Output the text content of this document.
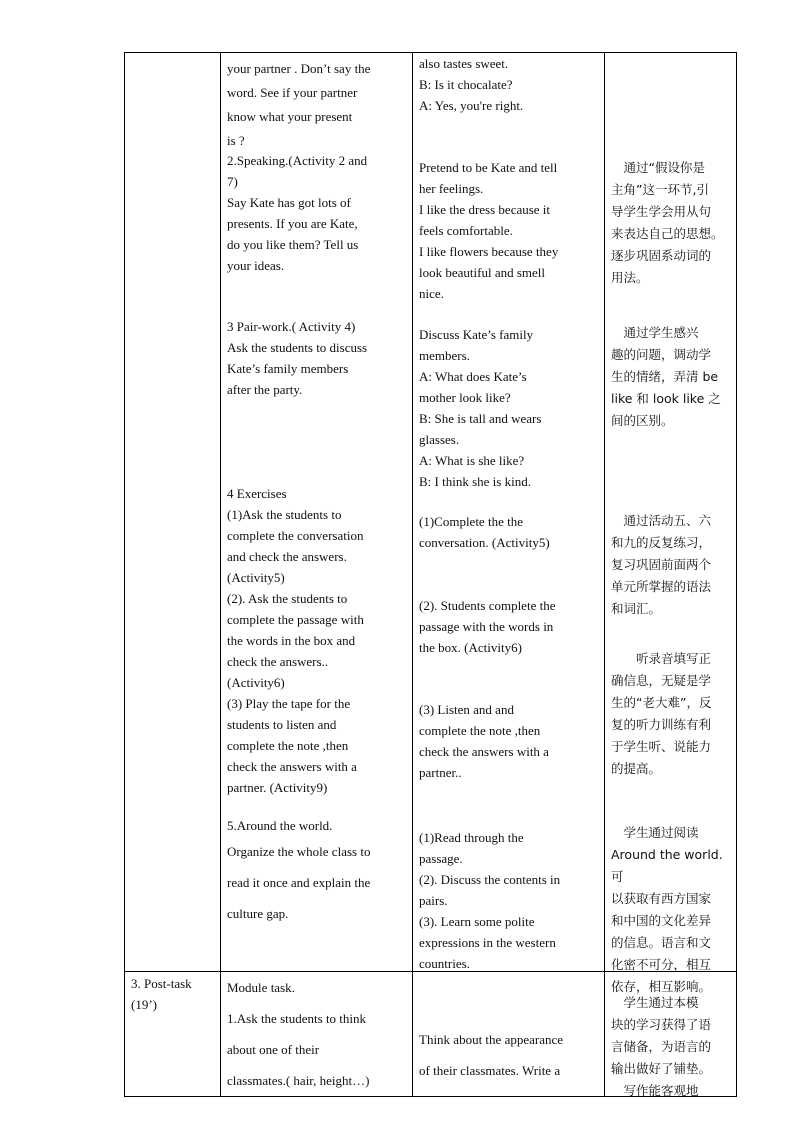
3. Post-task

(19’)

your partner . Don’t say the

word. See if your partner

know what your present

is ?

2.Speaking.(Activity 2 and

7)

Say Kate has got lots of

presents. If you are Kate,

do you like them? Tell us

your ideas.

3 Pair-work.( Activity 4)

Ask the students to discuss

Kate’s family members

after the party.

4 Exercises

(1)Ask the students to

complete the conversation

and check the answers.

(Activity5)

(2). Ask the students to

complete the passage with

the words in the box and

check the answers..

(Activity6)

(3) Play the tape for the

students to listen and

complete the note ,then

check the answers with a

partner. (Activity9)

5.Around the world.

Organize the whole class to

read it once and explain the

culture gap.

Module task.

1.Ask the students to think

about one of their

classmates.( hair, height…)

also tastes sweet.

B: Is it chocalate?

A: Yes, you're right.

Pretend to be Kate and tell

her feelings.

I like the dress because it

feels comfortable.

I like flowers because they

look beautiful and smell

nice.

Discuss Kate’s family

members.

A: What does Kate’s

mother look like?

B: She is tall and wears

glasses.

A: What is she like?

B: I think she is kind.

(1)Complete the the

conversation. (Activity5)

(2). Students complete the

passage with the words in

the box. (Activity6)

(3) Listen and and

complete the note ,then

check the answers with a

partner..

(1)Read through the

passage.

(2). Discuss the contents in

pairs.

(3). Learn some polite

expressions in the western

countries.

Think about the appearance

of their classmates. Write a

　通过“假设你是

主角”这一环节,引

导学生学会用从句

来表达自己的思想。

逐步巩固系动词的

用法。

　通过学生感兴

趣的问题，调动学

生的情绪，弄清 be

like 和 look like 之

间的区别。

　通过活动五、六

和九的反复练习，

复习巩固前面两个

单元所掌握的语法

和词汇。

　　听录音填写正

确信息，无疑是学

生的“老大难”，反

复的听力训练有利

于学生听、说能力

的提高。

　学生通过阅读

Around the world.可

以获取有西方国家

和中国的文化差异

的信息。语言和文

化密不可分，相互

依存，相互影响。

　学生通过本模

块的学习获得了语

言储备，为语言的

输出做好了铺垫。

　写作能客观地
